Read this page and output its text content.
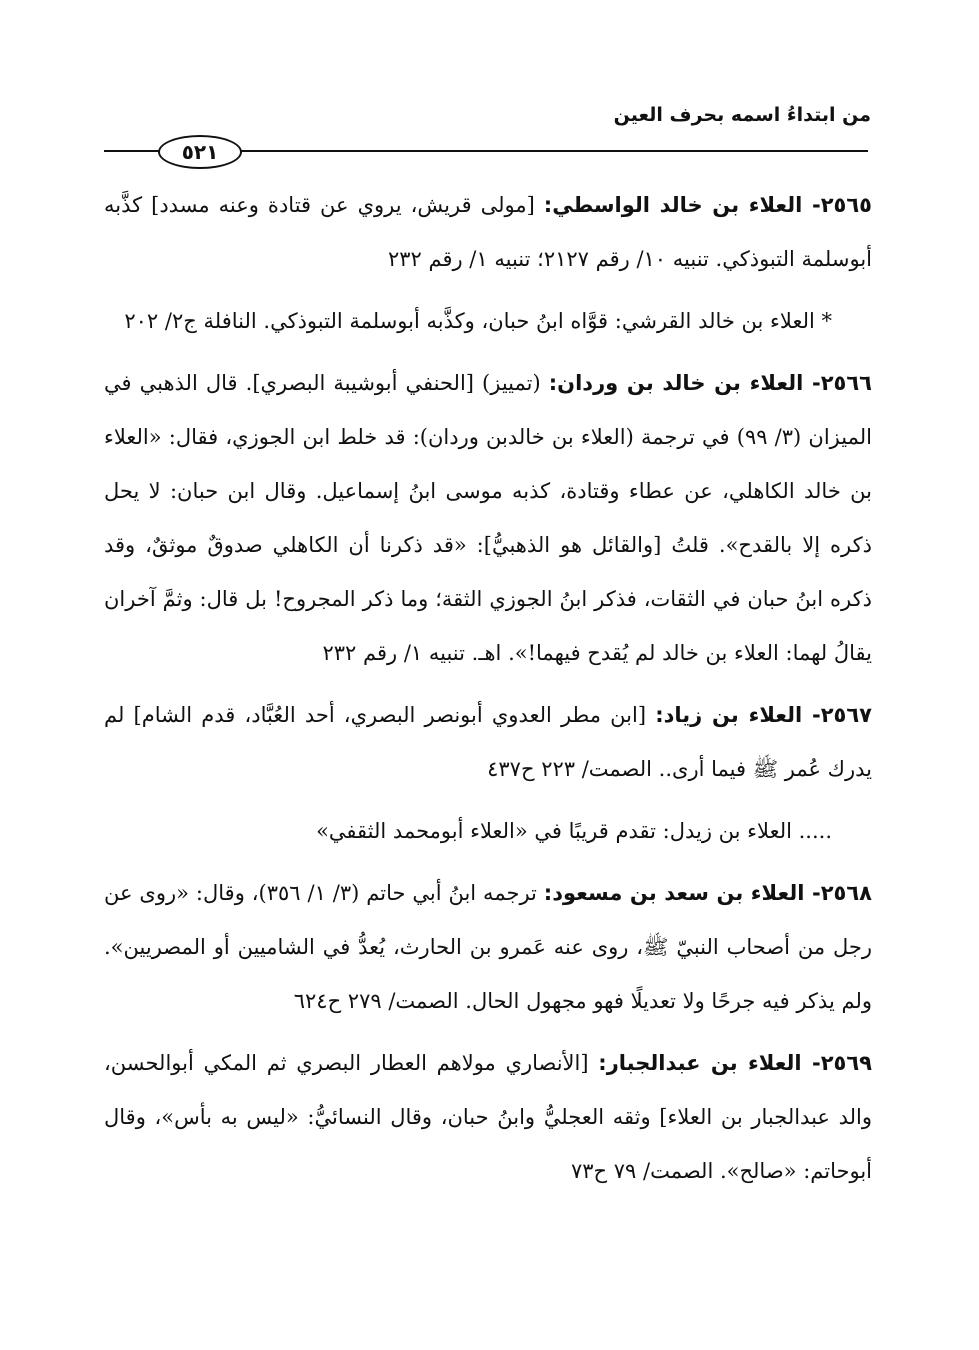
من ابتداءُ اسمه بحرف العين
٥٢١

٢٥٦٥- العلاء بن خالد الواسطي: [مولى قريش، يروي عن قتادة وعنه مسدد] كذَّبه أبوسلمة التبوذكي. تنبيه ١٠/ رقم ٢١٢٧؛ تنبيه ١/ رقم ٢٣٢

* العلاء بن خالد القرشي: قوَّاه ابنُ حبان، وكذَّبه أبوسلمة التبوذكي. النافلة ج٢/ ٢٠٢

٢٥٦٦- العلاء بن خالد بن وردان: (تمييز) [الحنفي أبوشيبة البصري]. قال الذهبي في الميزان (٣/ ٩٩) في ترجمة (العلاء بن خالدبن وردان): قد خلط ابن الجوزي، فقال: «العلاء بن خالد الكاهلي، عن عطاء وقتادة، كذبه موسى ابنُ إسماعيل. وقال ابن حبان: لا يحل ذكره إلا بالقدح». قلتُ [والقائل هو الذهبيُّ]: «قد ذكرنا أن الكاهلي صدوقٌ موثقٌ، وقد ذكره ابنُ حبان في الثقات، فذكر ابنُ الجوزي الثقة؛ وما ذكر المجروح! بل قال: وثمَّ آخران يقالُ لهما: العلاء بن خالد لم يُقدح فيهما!». اهـ. تنبيه ١/ رقم ٢٣٢

٢٥٦٧- العلاء بن زياد: [ابن مطر العدوي أبونصر البصري، أحد العُبَّاد، قدم الشام] لم يدرك عُمر ﷺ فيما أرى.. الصمت/ ٢٢٣ ح٤٣٧

..... العلاء بن زيدل: تقدم قريبًا في «العلاء أبومحمد الثقفي»

٢٥٦٨- العلاء بن سعد بن مسعود: ترجمه ابنُ أبي حاتم (٣/ ١/ ٣٥٦)، وقال: «روى عن رجل من أصحاب النبيّ ﷺ، روى عنه عَمرو بن الحارث، يُعدُّ في الشاميين أو المصريين». ولم يذكر فيه جرحًا ولا تعديلًا فهو مجهول الحال. الصمت/ ٢٧٩ ح٦٢٤

٢٥٦٩- العلاء بن عبدالجبار: [الأنصاري مولاهم العطار البصري ثم المكي أبوالحسن، والد عبدالجبار بن العلاء] وثقه العجليُّ وابنُ حبان، وقال النسائيُّ: «ليس به بأس»، وقال أبوحاتم: «صالح». الصمت/ ٧٩ ح٧٣
